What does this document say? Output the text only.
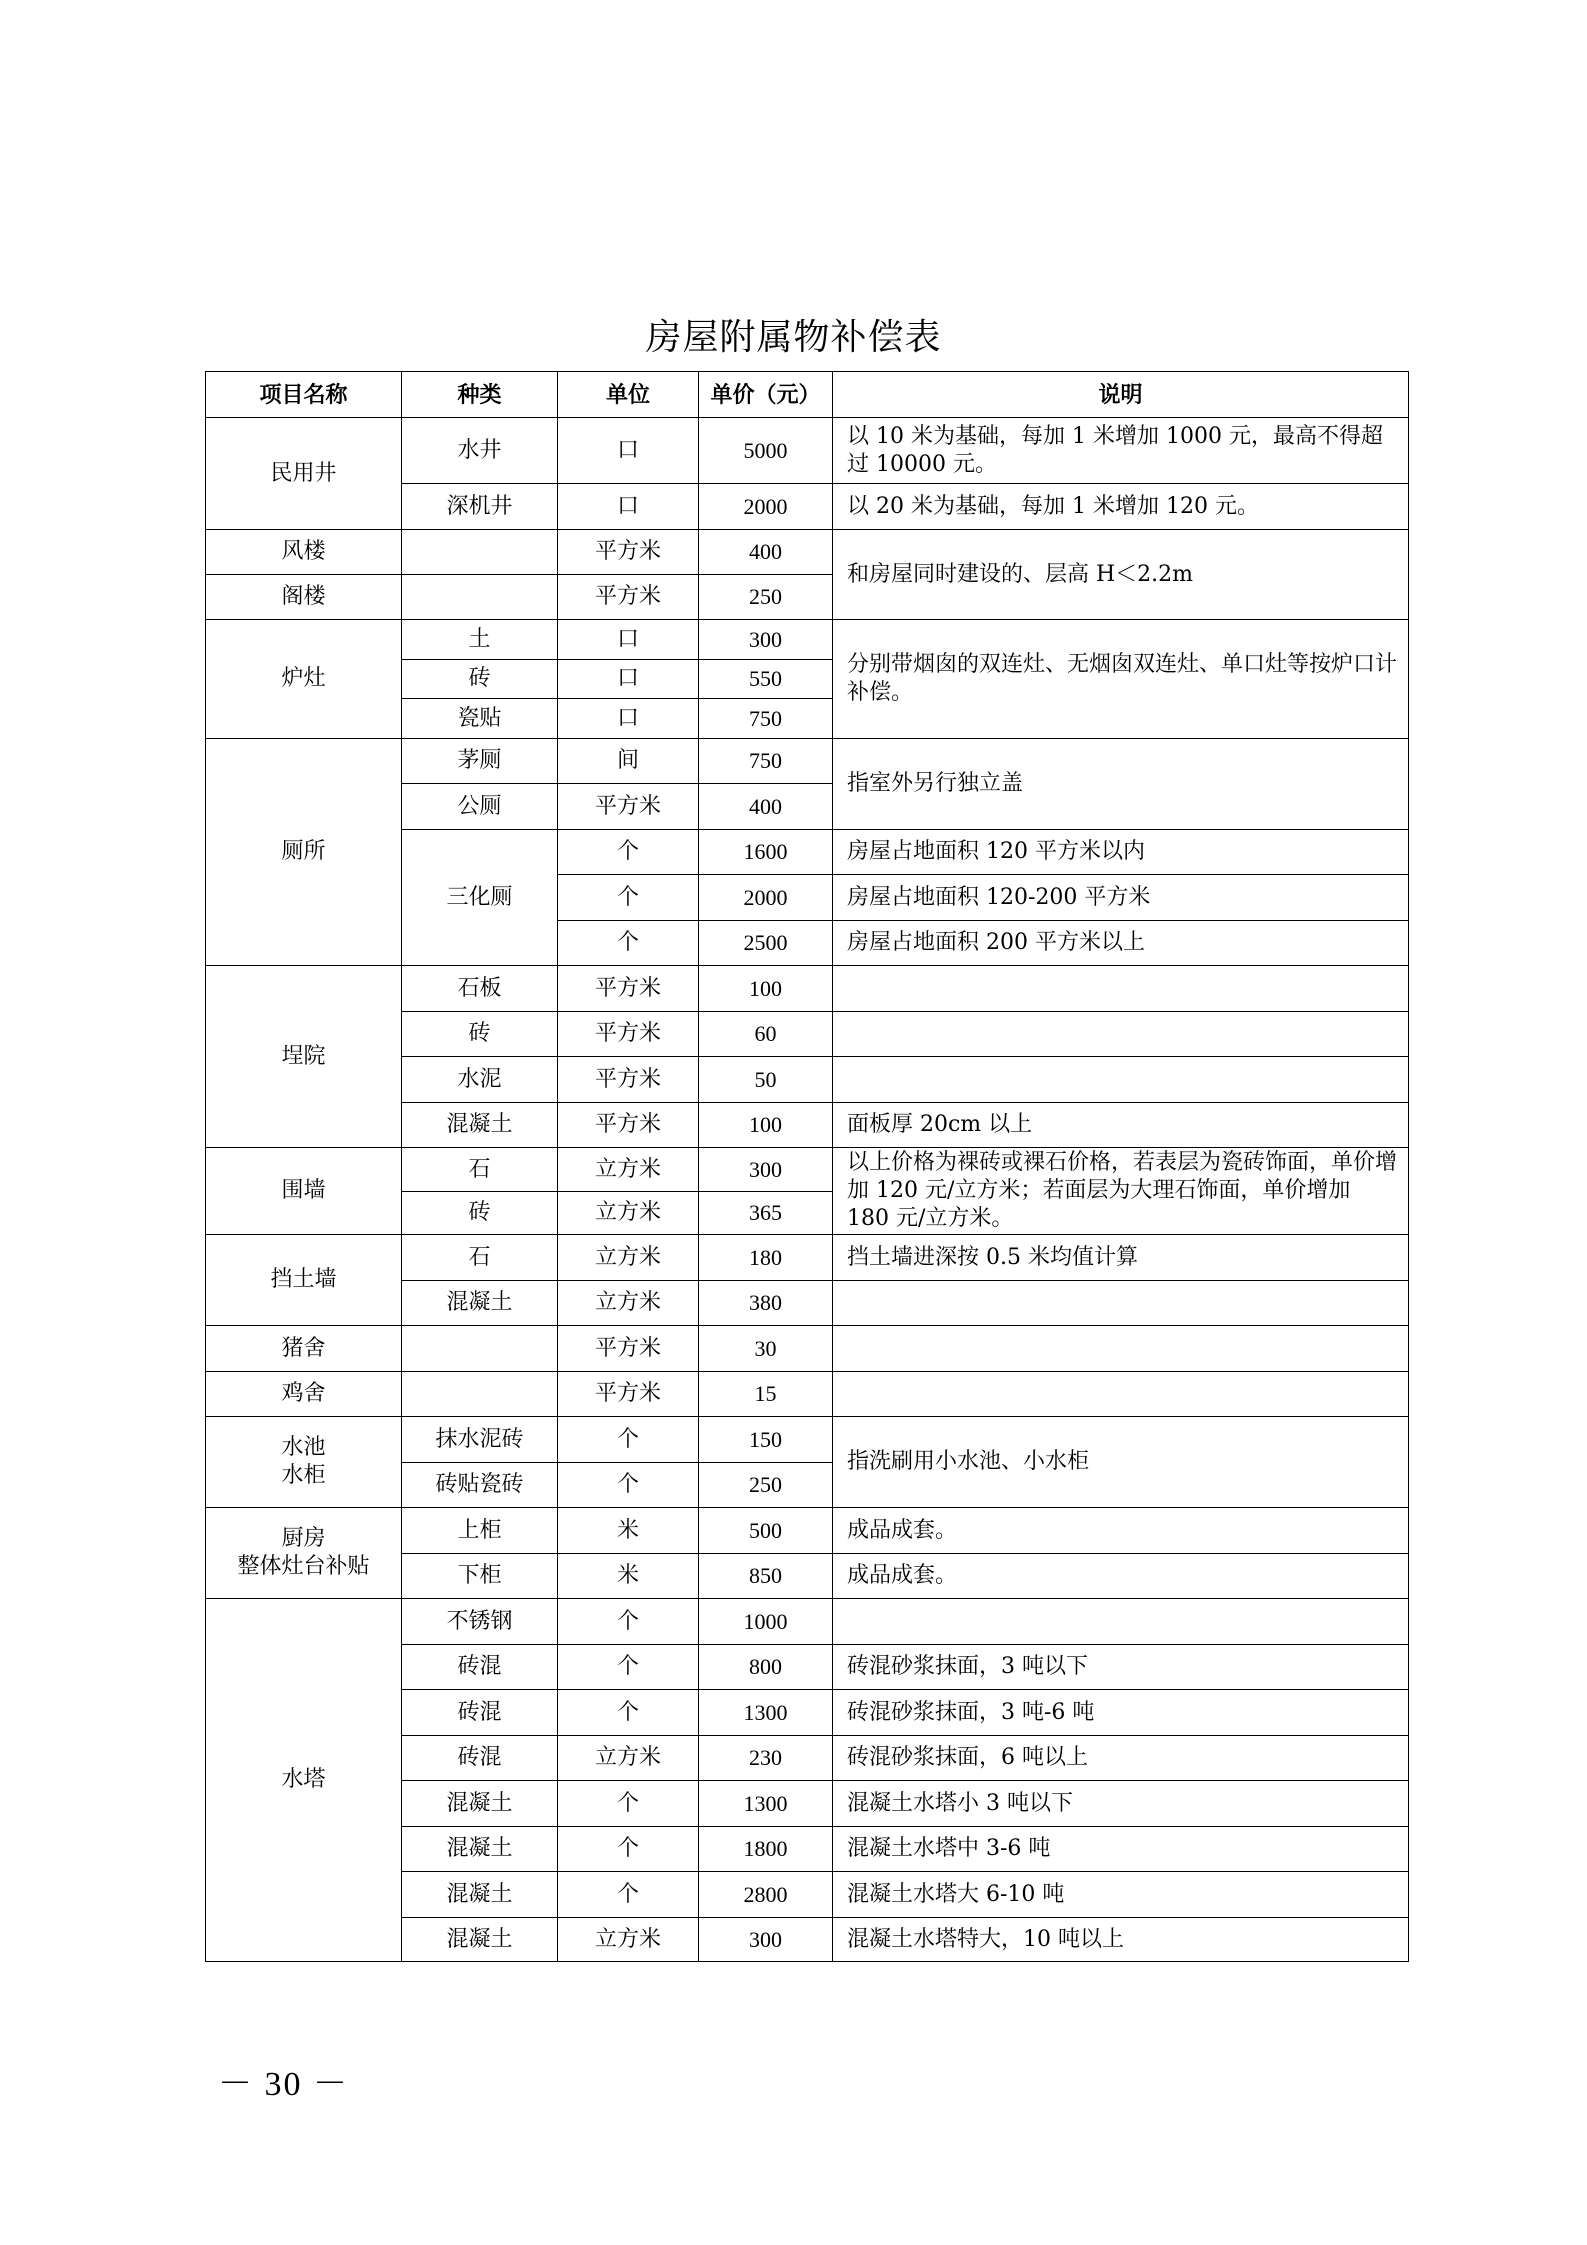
房屋附属物补偿表
项目名称	种类	单位	单价（元）	说明
民用井	水井	口	5000	以 10 米为基础，每加 1 米增加 1000 元，最高不得超过 10000 元。
	深机井	口	2000	以 20 米为基础，每加 1 米增加 120 元。
风楼		平方米	400	和房屋同时建设的、层高 H＜2.2m
阁楼		平方米	250	
炉灶	土	口	300	分别带烟囱的双连灶、无烟囱双连灶、单口灶等按炉口计补偿。
	砖	口	550	
	瓷贴	口	750	
厕所	茅厕	间	750	指室外另行独立盖
	公厕	平方米	400	
	三化厕	个	1600	房屋占地面积 120 平方米以内
		个	2000	房屋占地面积 120-200 平方米
		个	2500	房屋占地面积 200 平方米以上
埕院	石板	平方米	100	
	砖	平方米	60	
	水泥	平方米	50	
	混凝土	平方米	100	面板厚 20cm 以上
围墙	石	立方米	300	以上价格为裸砖或裸石价格，若表层为瓷砖饰面，单价增加 120 元/立方米；若面层为大理石饰面，单价增加 180 元/立方米。
	砖	立方米	365	
挡土墙	石	立方米	180	挡土墙进深按 0.5 米均值计算
	混凝土	立方米	380	
猪舍		平方米	30	
鸡舍		平方米	15	
水池
水柜	抹水泥砖	个	150	指洗刷用小水池、小水柜
	砖贴瓷砖	个	250	
厨房
整体灶台补贴	上柜	米	500	成品成套。
	下柜	米	850	成品成套。
水塔	不锈钢	个	1000	
	砖混	个	800	砖混砂浆抹面，3 吨以下
	砖混	个	1300	砖混砂浆抹面，3 吨-6 吨
	砖混	立方米	230	砖混砂浆抹面，6 吨以上
	混凝土	个	1300	混凝土水塔小 3 吨以下
	混凝土	个	1800	混凝土水塔中 3-6 吨
	混凝土	个	2800	混凝土水塔大 6-10 吨
	混凝土	立方米	300	混凝土水塔特大，10 吨以上
－ 30 －
